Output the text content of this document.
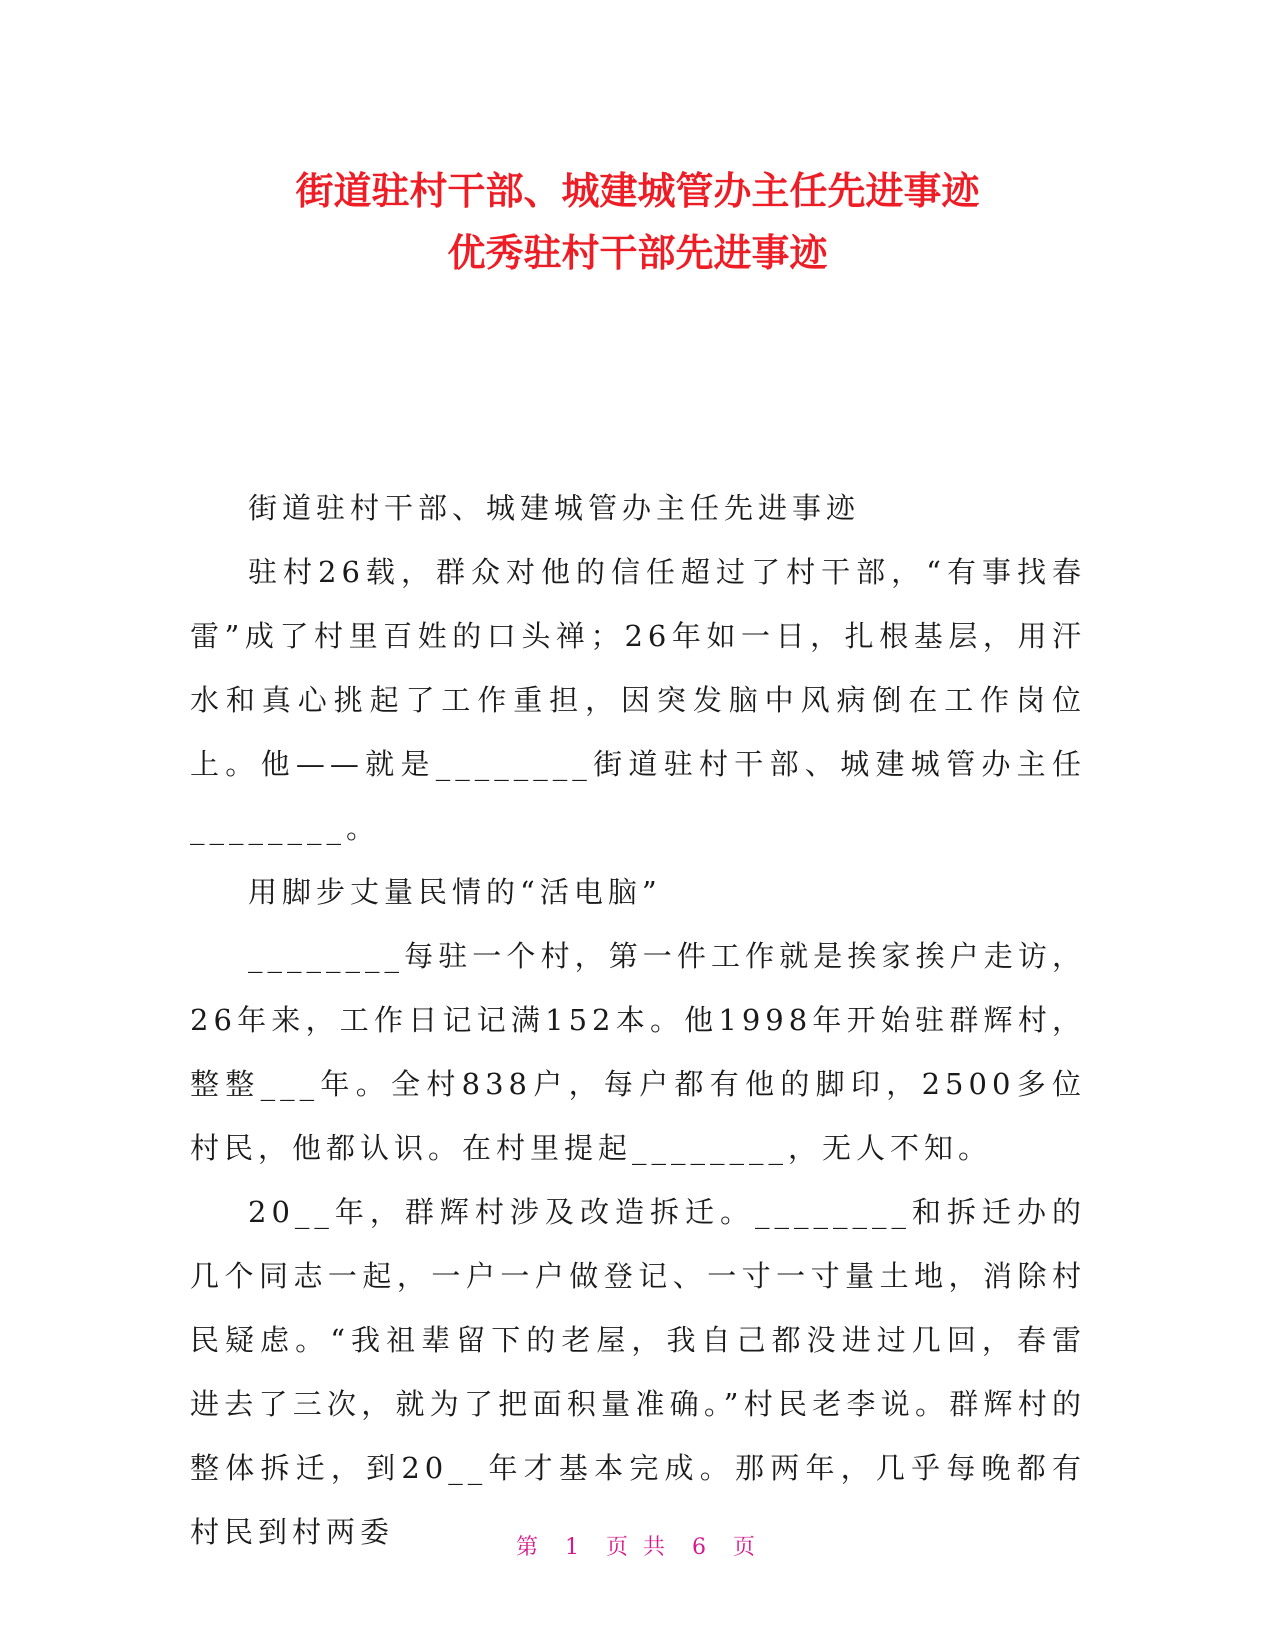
街道驻村干部、城建城管办主任先进事迹
优秀驻村干部先进事迹

街道驻村干部、城建城管办主任先进事迹

驻村26载，群众对他的信任超过了村干部，“有事找春雷”成了村里百姓的口头禅；26年如一日，扎根基层，用汗水和真心挑起了工作重担，因突发脑中风病倒在工作岗位上。他——就是________街道驻村干部、城建城管办主任________。

用脚步丈量民情的“活电脑”

________每驻一个村，第一件工作就是挨家挨户走访，26年来，工作日记记满152本。他1998年开始驻群辉村，整整___年。全村838户，每户都有他的脚印，2500多位村民，他都认识。在村里提起________，无人不知。

20__年，群辉村涉及改造拆迁。________和拆迁办的几个同志一起，一户一户做登记、一寸一寸量土地，消除村民疑虑。“我祖辈留下的老屋，我自己都没进过几回，春雷进去了三次，就为了把面积量准确。”村民老李说。群辉村的整体拆迁，到20__年才基本完成。那两年，几乎每晚都有村民到村两委	第 1 页 共 6 页
